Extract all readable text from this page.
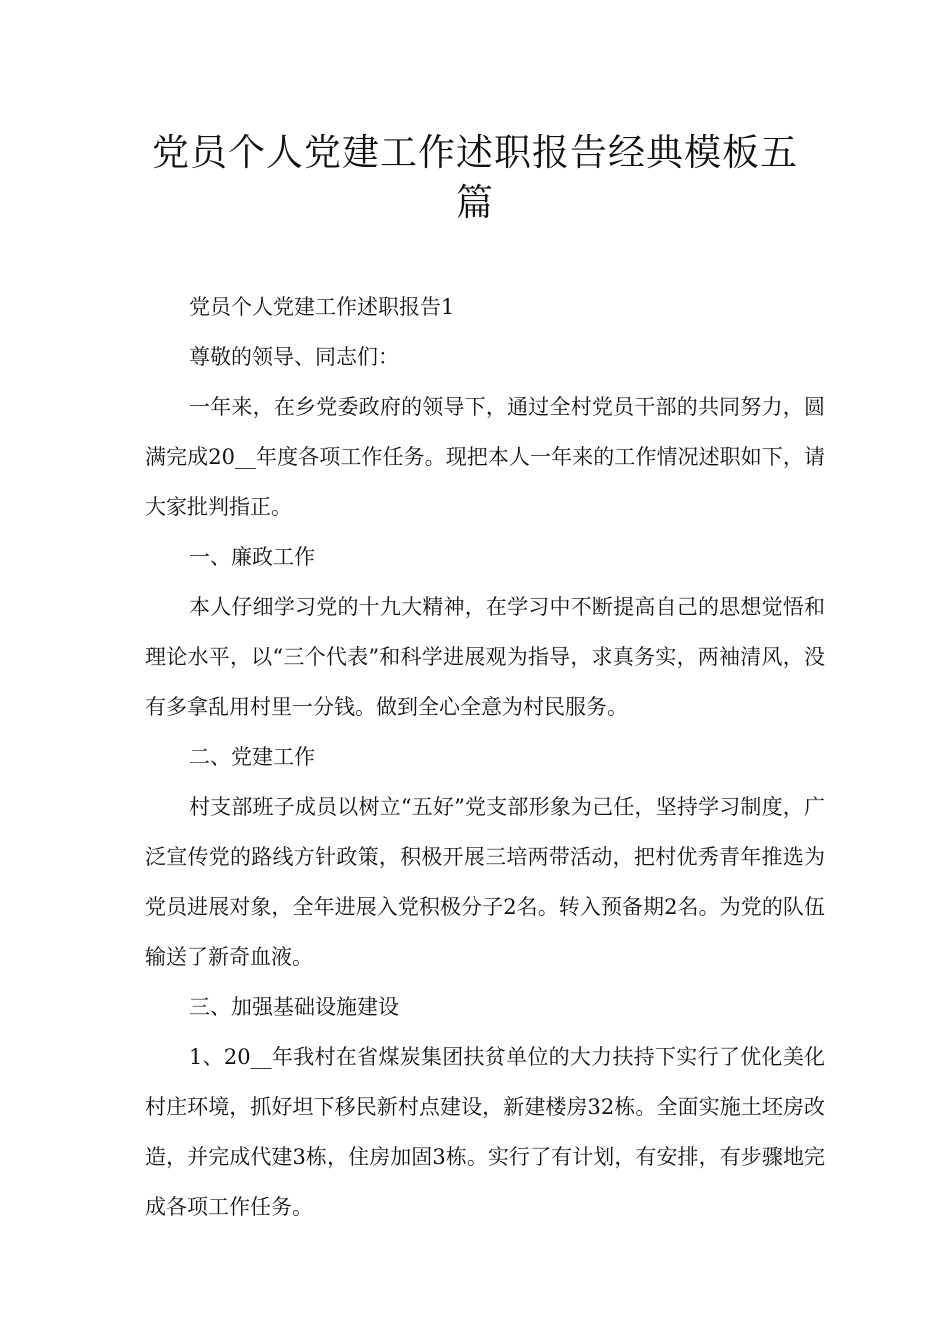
党员个人党建工作述职报告经典模板五篇

党员个人党建工作述职报告1

尊敬的领导、同志们：

一年来，在乡党委政府的领导下，通过全村党员干部的共同努力，圆满完成20__年度各项工作任务。现把本人一年来的工作情况述职如下，请大家批判指正。

一、廉政工作

本人仔细学习党的十九大精神，在学习中不断提高自己的思想觉悟和理论水平，以“三个代表”和科学进展观为指导，求真务实，两袖清风，没有多拿乱用村里一分钱。做到全心全意为村民服务。

二、党建工作

村支部班子成员以树立“五好”党支部形象为己任，坚持学习制度，广泛宣传党的路线方针政策，积极开展三培两带活动，把村优秀青年推选为党员进展对象，全年进展入党积极分子2名。转入预备期2名。为党的队伍输送了新奇血液。

三、加强基础设施建设

1、20__年我村在省煤炭集团扶贫单位的大力扶持下实行了优化美化村庄环境，抓好坦下移民新村点建设，新建楼房32栋。全面实施土坯房改造，并完成代建3栋，住房加固3栋。实行了有计划，有安排，有步骤地完成各项工作任务。
